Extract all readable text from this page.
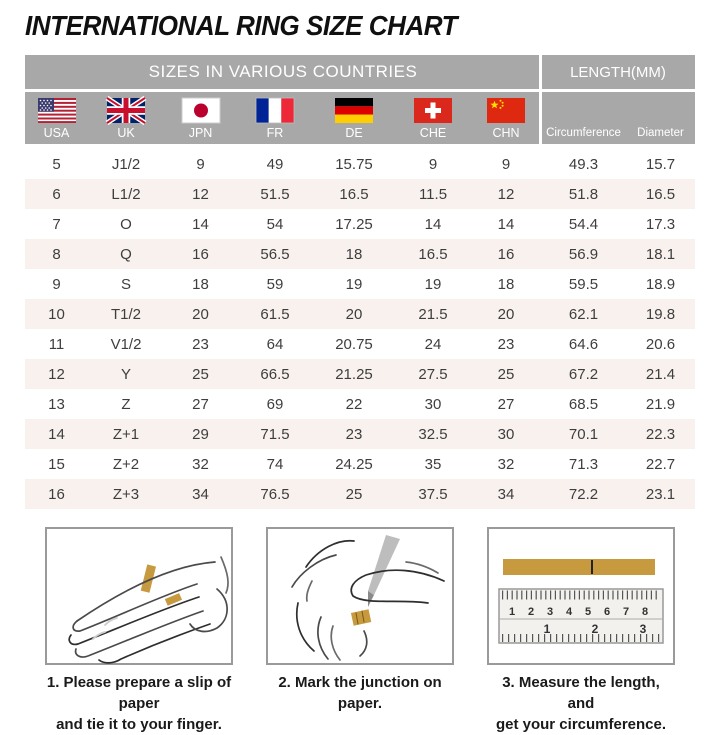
INTERNATIONAL RING SIZE CHART
SIZES IN VARIOUS COUNTRIES	LENGTH(MM)
USA	UK	JPN	FR	DE	CHE	CHN	Circumference	Diameter
5	J1/2	9	49	15.75	9	9	49.3	15.7
6	L1/2	12	51.5	16.5	11.5	12	51.8	16.5
7	O	14	54	17.25	14	14	54.4	17.3
8	Q	16	56.5	18	16.5	16	56.9	18.1
9	S	18	59	19	19	18	59.5	18.9
10	T1/2	20	61.5	20	21.5	20	62.1	19.8
11	V1/2	23	64	20.75	24	23	64.6	20.6
12	Y	25	66.5	21.25	27.5	25	67.2	21.4
13	Z	27	69	22	30	27	68.5	21.9
14	Z+1	29	71.5	23	32.5	30	70.1	22.3
15	Z+2	32	74	24.25	35	32	71.3	22.7
16	Z+3	34	76.5	25	37.5	34	72.2	23.1
1. Please prepare a slip of paper
and tie it to your finger.
2. Mark the junction on paper.
1 2 3 4 5 6 7 8
1	2	3
3. Measure the length, and
get your circumference.
